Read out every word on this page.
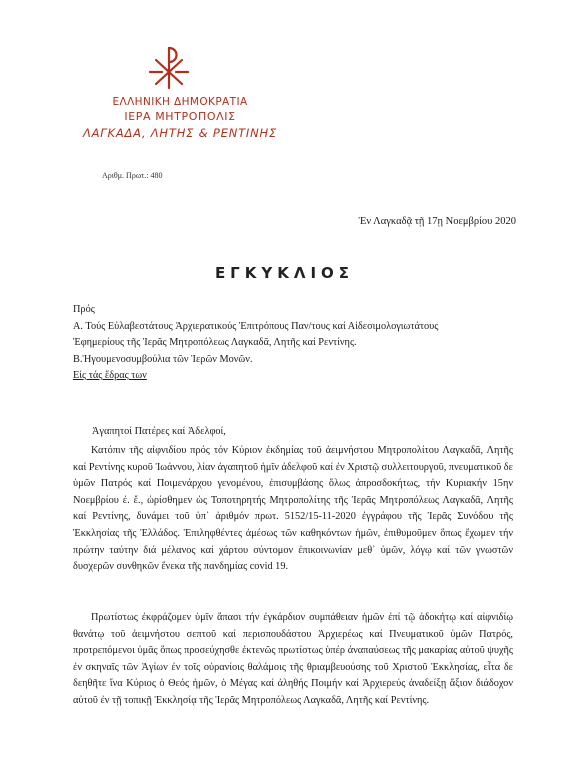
ΕΛΛΗΝΙΚΗ ΔΗΜΟΚΡΑΤΙΑ
ΙΕΡΑ ΜΗΤΡΟΠΟΛΙΣ
ΛΑΓΚΑΔΑ, ΛΗΤΗΣ & ΡΕΝΤΙΝΗΣ
Αριθμ. Πρωτ.: 480
Ἐν Λαγκαδᾷ τῇ 17ῃ Νοεμβρίου 2020
ΕΓΚΥΚΛΙΟΣ
Πρός
Α. Τούς Εὐλαβεστάτους Ἀρχιερατικούς Ἐπιτρόπους Παν/τους καί Αἰδεσιμολογιωτάτους
Ἐφημερίους τῆς Ἱερᾶς Μητροπόλεως Λαγκαδᾶ, Λητῆς καί Ρεντίνης.
Β.Ἡγουμενοσυμβούλια τῶν Ἱερῶν Μονῶν.
Εἰς τάς ἕδρας των
Ἀγαπητοί Πατέρες καί Ἀδελφοί,
Κατόπιν τῆς αἰφνιδίου πρός τόν Κύριον ἐκδημίας τοῦ ἀειμνήστου Μητροπολίτου Λαγκαδᾶ, Λητῆς καί Ρεντίνης κυροῦ Ἰωάννου, λίαν ἀγαπητοῦ ἡμῖν ἀδελφοῦ καί ἐν Χριστῷ συλλειτουργοῦ, πνευματικοῦ δε ὑμῶν Πατρός καί Ποιμενάρχου γενομένου, ἐπισυμβάσης ὅλως ἀπροσδοκήτως, τήν Κυριακήν 15ην Νοεμβρίου ἐ. ἔ., ὡρίσθημεν ὡς Τοποτηρητής Μητροπολίτης τῆς Ἱερᾶς Μητροπόλεως Λαγκαδᾶ, Λητῆς καί Ρεντίνης, δυνάμει τοῦ ὑπ᾿ ἀριθμόν πρωτ. 5152/15-11-2020 ἐγγράφου τῆς Ἱερᾶς Συνόδου τῆς Ἐκκλησίας τῆς Ἑλλάδος. Ἐπιληφθέντες ἀμέσως τῶν καθηκόντων ἡμῶν, ἐπιθυμοῦμεν ὅπως ἔχωμεν τήν πρώτην ταύτην διά μέλανος καί χάρτου σύντομον ἐπικοινωνίαν μεθ᾿ ὑμῶν, λόγῳ καί τῶν γνωστῶν δυσχερῶν συνθηκῶν ἕνεκα τῆς πανδημίας covid 19.
Πρωτίστως ἐκφράζομεν ὑμῖν ἅπασι τήν ἐγκάρδιον συμπάθειαν ἡμῶν ἐπί τῷ ἀδοκήτῳ καί αἰφνιδίῳ θανάτῳ τοῦ ἀειμνήστου σεπτοῦ καί περισπουδάστου Ἀρχιερέως καί Πνευματικοῦ ὑμῶν Πατρός, προτρεπόμενοι ὑμᾶς ὅπως προσεύχησθε ἐκτενῶς πρωτίστως ὑπέρ ἀναπαύσεως τῆς μακαρίας αὐτοῦ ψυχῆς ἐν σκηναῖς τῶν Ἁγίων ἐν τοῖς οὐρανίοις θαλάμοις τῆς θριαμβευούσης τοῦ Χριστοῦ Ἐκκλησίας, εἶτα δε δεηθῆτε ἵνα Κύριος ὁ Θεός ἡμῶν, ὁ Μέγας καί ἀληθής Ποιμήν καί Ἀρχιερεύς ἀναδείξῃ ἄξιον διάδοχον αὐτοῦ ἐν τῇ τοπικῇ Ἐκκλησίᾳ τῆς Ἱερᾶς Μητροπόλεως Λαγκαδᾶ, Λητῆς καί Ρεντίνης.
